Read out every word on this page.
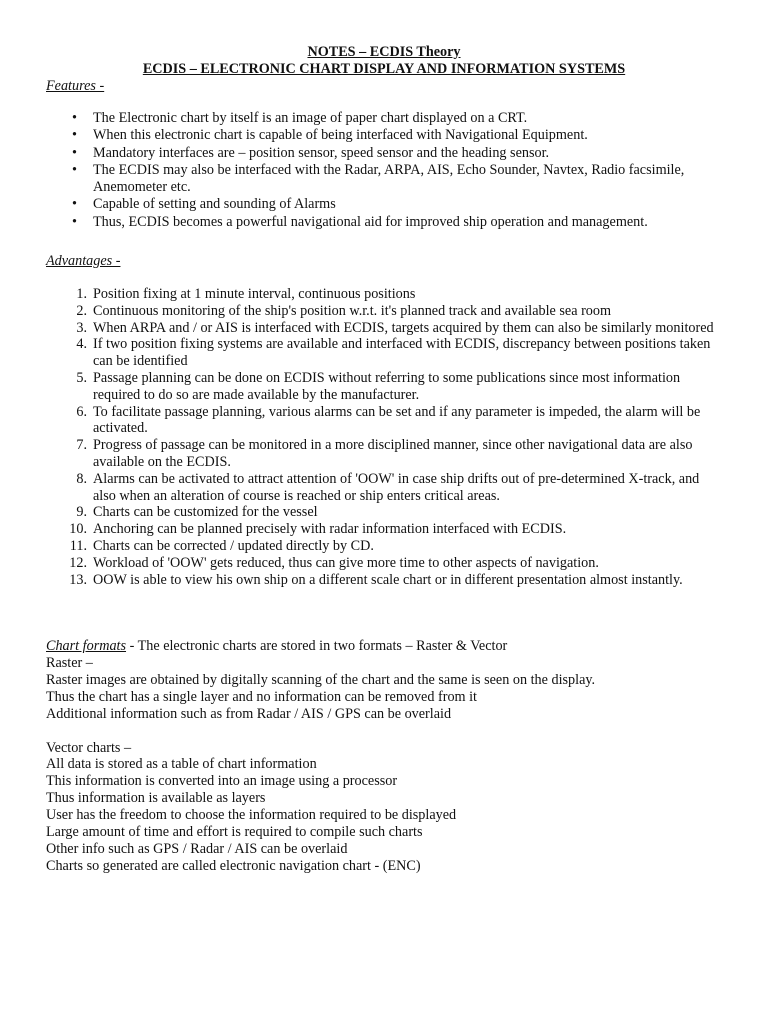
NOTES – ECDIS Theory
ECDIS – ELECTRONIC CHART DISPLAY AND INFORMATION SYSTEMS
Features -
• The Electronic chart by itself is an image of paper chart displayed on a CRT.
• When this electronic chart is capable of being interfaced with Navigational Equipment.
• Mandatory interfaces are – position sensor, speed sensor and the heading sensor.
• The ECDIS may also be interfaced with the Radar, ARPA, AIS, Echo Sounder, Navtex, Radio facsimile, Anemometer etc.
• Capable of setting and sounding of Alarms
• Thus, ECDIS becomes a powerful navigational aid for improved ship operation and management.
Advantages -
1. Position fixing at 1 minute interval, continuous positions
2. Continuous monitoring of the ship's position w.r.t. it's planned track and available sea room
3. When ARPA and / or AIS is interfaced with ECDIS, targets acquired by them can also be similarly monitored
4. If two position fixing systems are available and interfaced with ECDIS, discrepancy between positions taken can be identified
5. Passage planning can be done on ECDIS without referring to some publications since most information required to do so are made available by the manufacturer.
6. To facilitate passage planning, various alarms can be set and if any parameter is impeded, the alarm will be activated.
7. Progress of passage can be monitored in a more disciplined manner, since other navigational data are also available on the ECDIS.
8. Alarms can be activated to attract attention of 'OOW' in case ship drifts out of pre-determined X-track, and also when an alteration of course is reached or ship enters critical areas.
9. Charts can be customized for the vessel
10. Anchoring can be planned precisely with radar information interfaced with ECDIS.
11. Charts can be corrected / updated directly by CD.
12. Workload of 'OOW' gets reduced, thus can give more time to other aspects of navigation.
13. OOW is able to view his own ship on a different scale chart or in different presentation almost instantly.
Chart formats - The electronic charts are stored in two formats – Raster & Vector
Raster –
Raster images are obtained by digitally scanning of the chart and the same is seen on the display.
Thus the chart has a single layer and no information can be removed from it
Additional information such as from Radar / AIS / GPS can be overlaid
Vector charts –
All data is stored as a table of chart information
This information is converted into an image using a processor
Thus information is available as layers
User has the freedom to choose the information required to be displayed
Large amount of time and effort is required to compile such charts
Other info such as GPS / Radar / AIS can be overlaid
Charts so generated are called electronic navigation chart - (ENC)
